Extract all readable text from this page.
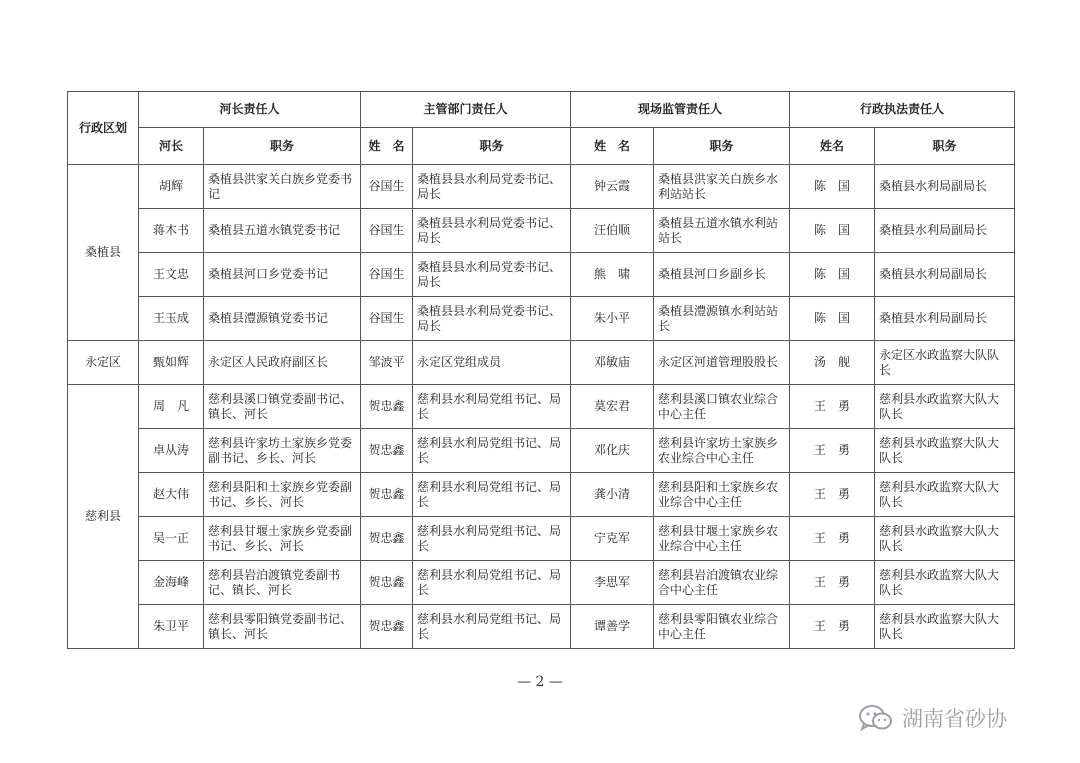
行政区划	河长责任人		主管部门责任人		现场监管责任人		行政执法责任人	
	河长	职务	姓　名	职务	姓　名	职务	姓名	职务
桑植县	胡辉	桑植县洪家关白族乡党委书记	谷国生	桑植县县水利局党委书记、局长	钟云霞	桑植县洪家关白族乡水利站站长	陈　国	桑植县水利局副局长
	蒋木书	桑植县五道水镇党委书记	谷国生	桑植县县水利局党委书记、局长	汪伯顺	桑植县五道水镇水利站站长	陈　国	桑植县水利局副局长
	王文忠	桑植县河口乡党委书记	谷国生	桑植县县水利局党委书记、局长	熊　啸	桑植县河口乡副乡长	陈　国	桑植县水利局副局长
	王玉成	桑植县澧源镇党委书记	谷国生	桑植县县水利局党委书记、局长	朱小平	桑植县澧源镇水利站站长	陈　国	桑植县水利局副局长
永定区	甄如辉	永定区人民政府副区长	邹波平	永定区党组成员	邓敏庙	永定区河道管理股股长	汤　舰	永定区水政监察大队队长
慈利县	周　凡	慈利县溪口镇党委副书记、镇长、河长	贺忠鑫	慈利县水利局党组书记、局长	莫宏君	慈利县溪口镇农业综合中心主任	王　勇	慈利县水政监察大队大队长
	卓从涛	慈利县许家坊土家族乡党委副书记、乡长、河长	贺忠鑫	慈利县水利局党组书记、局长	邓化庆	慈利县许家坊土家族乡农业综合中心主任	王　勇	慈利县水政监察大队大队长
	赵大伟	慈利县阳和土家族乡党委副书记、乡长、河长	贺忠鑫	慈利县水利局党组书记、局长	龚小清	慈利县阳和土家族乡农业综合中心主任	王　勇	慈利县水政监察大队大队长
	吴一正	慈利县甘堰土家族乡党委副书记、乡长、河长	贺忠鑫	慈利县水利局党组书记、局长	宁克军	慈利县甘堰土家族乡农业综合中心主任	王　勇	慈利县水政监察大队大队长
	金海峰	慈利县岩泊渡镇党委副书记、镇长、河长	贺忠鑫	慈利县水利局党组书记、局长	李思军	慈利县岩泊渡镇农业综合中心主任	王　勇	慈利县水政监察大队大队长
	朱卫平	慈利县零阳镇党委副书记、镇长、河长	贺忠鑫	慈利县水利局党组书记、局长	谭善学	慈利县零阳镇农业综合中心主任	王　勇	慈利县水政监察大队大队长
— 2 —
湖南省砂协
